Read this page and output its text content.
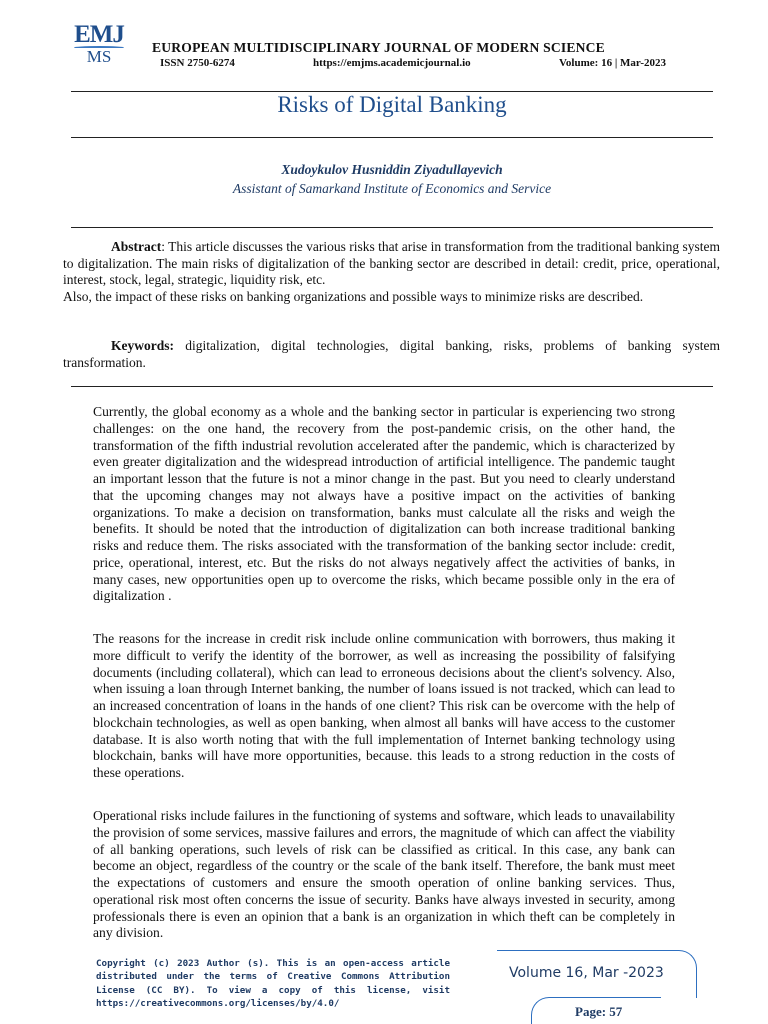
EMJ
MS	EUROPEAN MULTIDISCIPLINARY JOURNAL OF MODERN SCIENCE
ISSN 2750-6274	https://emjms.academicjournal.io	Volume: 16 | Mar-2023
Risks of Digital Banking
Xudoykulov Husniddin Ziyadullayevich
Assistant of Samarkand Institute of Economics and Service
Abstract: This article discusses the various risks that arise in transformation from the traditional banking system to digitalization. The main risks of digitalization of the banking sector are described in detail: credit, price, operational, interest, stock, legal, strategic, liquidity risk, etc.
Also, the impact of these risks on banking organizations and possible ways to minimize risks are described.
Keywords: digitalization, digital technologies, digital banking, risks, problems of banking system transformation.
Currently, the global economy as a whole and the banking sector in particular is experiencing two strong challenges: on the one hand, the recovery from the post-pandemic crisis, on the other hand, the transformation of the fifth industrial revolution accelerated after the pandemic, which is characterized by even greater digitalization and the widespread introduction of artificial intelligence. The pandemic taught an important lesson that the future is not a minor change in the past. But you need to clearly understand that the upcoming changes may not always have a positive impact on the activities of banking organizations. To make a decision on transformation, banks must calculate all the risks and weigh the benefits. It should be noted that the introduction of digitalization can both increase traditional banking risks and reduce them. The risks associated with the transformation of the banking sector include: credit, price, operational, interest, etc. But the risks do not always negatively affect the activities of banks, in many cases, new opportunities open up to overcome the risks, which became possible only in the era of digitalization .
The reasons for the increase in credit risk include online communication with borrowers, thus making it more difficult to verify the identity of the borrower, as well as increasing the possibility of falsifying documents (including collateral), which can lead to erroneous decisions about the client's solvency. Also, when issuing a loan through Internet banking, the number of loans issued is not tracked, which can lead to an increased concentration of loans in the hands of one client? This risk can be overcome with the help of blockchain technologies, as well as open banking, when almost all banks will have access to the customer database. It is also worth noting that with the full implementation of Internet banking technology using blockchain, banks will have more opportunities, because. this leads to a strong reduction in the costs of these operations.
Operational risks include failures in the functioning of systems and software, which leads to unavailability the provision of some services, massive failures and errors, the magnitude of which can affect the viability of all banking operations, such levels of risk can be classified as critical. In this case, any bank can become an object, regardless of the country or the scale of the bank itself. Therefore, the bank must meet the expectations of customers and ensure the smooth operation of online banking services. Thus, operational risk most often concerns the issue of security. Banks have always invested in security, among professionals there is even an opinion that a bank is an organization in which theft can be completely in any division.
Copyright (c) 2023 Author (s). This is an open-access article distributed under the terms of Creative Commons Attribution License (CC BY). To view a copy of this license, visit https://creativecommons.org/licenses/by/4.0/
Volume 16, Mar -2023
Page: 57
